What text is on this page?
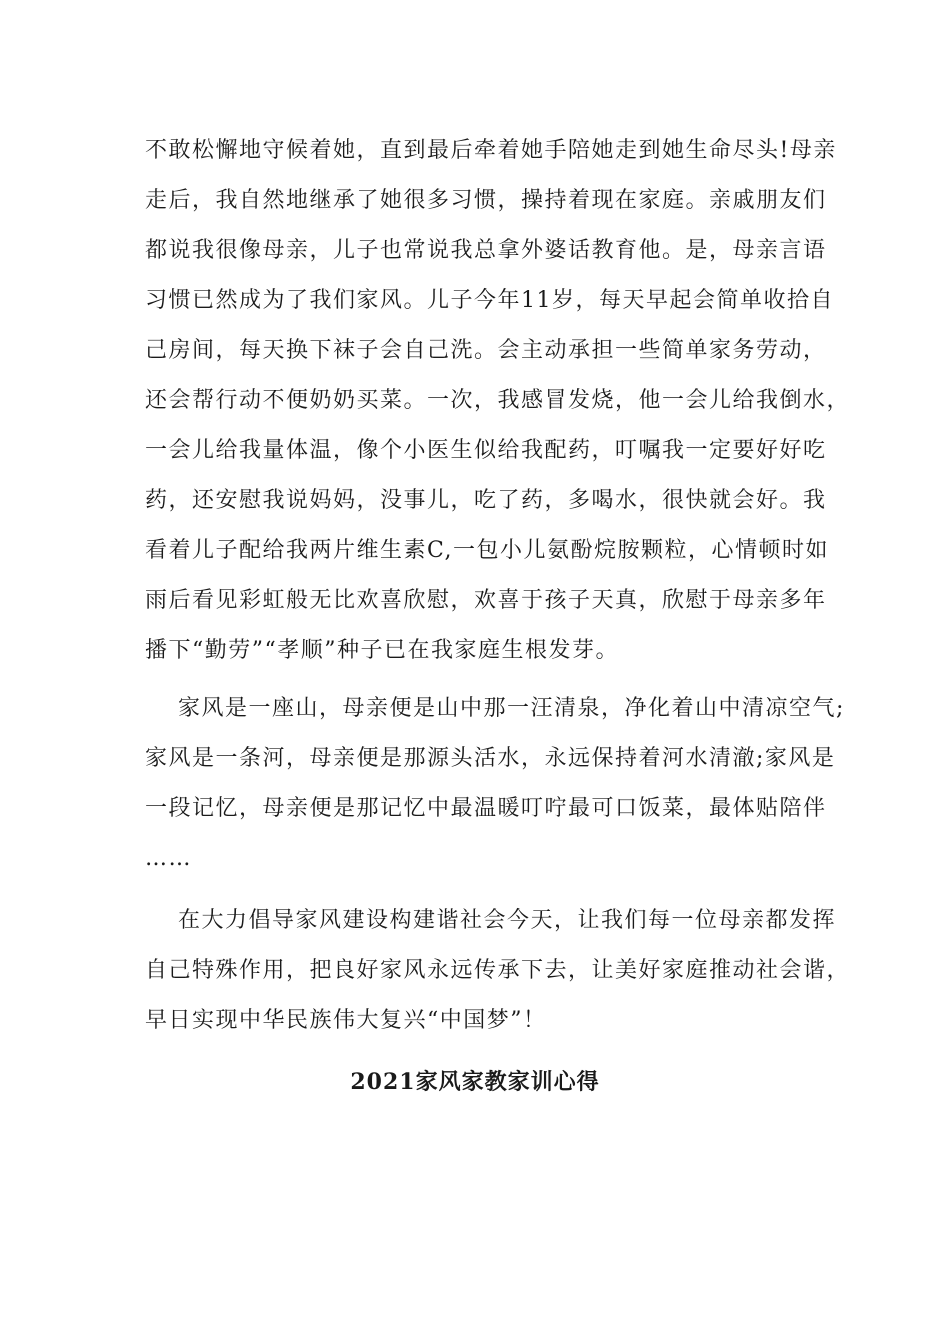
不敢松懈地守候着她，直到最后牵着她手陪她走到她生命尽头!母亲
走后，我自然地继承了她很多习惯，操持着现在家庭。亲戚朋友们
都说我很像母亲，儿子也常说我总拿外婆话教育他。是，母亲言语
习惯已然成为了我们家风。儿子今年11岁，每天早起会简单收拾自
己房间，每天换下袜子会自己洗。会主动承担一些简单家务劳动，
还会帮行动不便奶奶买菜。一次，我感冒发烧，他一会儿给我倒水，
一会儿给我量体温，像个小医生似给我配药，叮嘱我一定要好好吃
药，还安慰我说妈妈，没事儿，吃了药，多喝水，很快就会好。我
看着儿子配给我两片维生素C,一包小儿氨酚烷胺颗粒，心情顿时如
雨后看见彩虹般无比欢喜欣慰，欢喜于孩子天真，欣慰于母亲多年
播下“勤劳”“孝顺”种子已在我家庭生根发芽。
家风是一座山，母亲便是山中那一汪清泉，净化着山中清凉空气;
家风是一条河，母亲便是那源头活水，永远保持着河水清澈;家风是
一段记忆，母亲便是那记忆中最温暖叮咛最可口饭菜，最体贴陪伴
……
在大力倡导家风建设构建谐社会今天，让我们每一位母亲都发挥
自己特殊作用，把良好家风永远传承下去，让美好家庭推动社会谐，
早日实现中华民族伟大复兴“中国梦”！
2021家风家教家训心得
